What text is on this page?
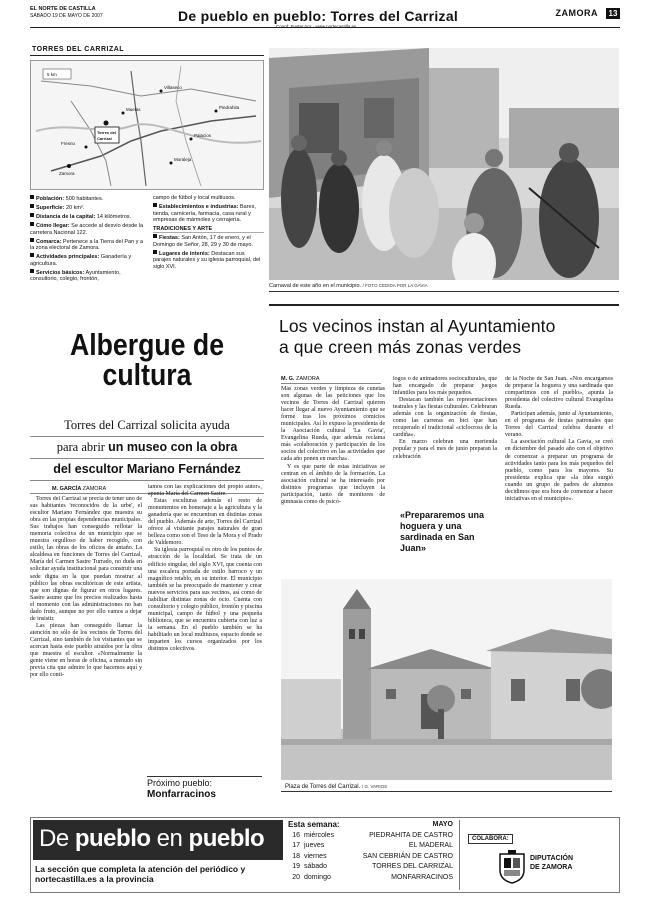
EL NORTE DE CASTILLA
SÁBADO 19 DE MAYO DE 2007	De pueblo en pueblo: Torres del Carrizal
Coord: Fuster.ncs · www.nortecastilla.es
ZAMORA	13
TORRES DEL CARRIZAL
5 km
Torres del
Carrizal
Zamora
Muelas
Villaseco
Palacios
Fresno
Piedrahita
Moraleja
Población: 500 habitantes.
Superficie: 20 km².
Distancia de la capital: 14 kilómetros.
Cómo llegar: Se accede al desvío desde la carretera Nacional 122.
Comarca: Pertenece a la Tierra del Pan y a la zona electoral de Zamora.
Actividades principales: Ganadería y agricultura.
Servicios básicos: Ayuntamiento, consultorio, colegio, frontón,
campo de fútbol y local multiusos.
Establecimientos e industrias: Bares, tienda, carnicería, farmacia, casa rural y empresas de mármoles y cerrajería.
TRADICIONES Y ARTE
Fiestas: San Antón, 17 de enero, y el Domingo de Señor, 28, 29 y 30 de mayo.
Lugares de interés: Destacan sus parajes naturales y su iglesia parroquial, del siglo XVI.
Carnaval de este año en el municipio. / FOTO CEDIDA POR LA GAVIA
Albergue de
cultura
Torres del Carrizal solicita ayuda
para abrir un museo con la obra
del escultor Mariano Fernández
M. GARCÍA ZAMORA

Torres del Carrizal se precia de tener uno de sus habitantes 'reconocidos de la urbe', el escultor Mariano Fernández que muestra su obra en las propias dependencias municipales. Sus trabajos han conseguido reflotar la memoria colectiva de un municipio que se muestra orgulloso de haber recogido, con estilo, las obras de los oficios de antaño. La alcaldesa en funciones de Torres del Carrizal, María del Carmen Sastre Turrado, no duda en solicitar ayuda institucional para construir una sede digna en la que puedan mostrar al público las obras escultóricas de este artista, que son dignas de figurar en otros lugares. Sastre asume que los precios realizados hasta el momento con las administraciones no han dado fruto, aunque no por ello vamos a dejar de insistir.

Las piezas han conseguido llamar la atención no sólo de los vecinos de Torres del Carrizal, sino también de los visitantes que se acercan hasta este pueblo atraídos por la obra que muestra el escultor. «Normalmente la gente viene en horas de oficina, a menudo sin previa cita que admire lo que hacemos aquí y por ello conti-

tamos con las explicaciones del propio autor», apunta María del Carmen Sastre.

Estas esculturas además el resto de monumentos en homenaje a la agricultura y la ganadería que se encuentran en distintas zonas del pueblo. Además de arte, Torres del Carrizal ofrece al visitante parajes naturales de gran belleza como son el Teso de la Mora y el Prado de Valdemoro.

Su iglesia parroquial es otro de los puntos de atracción de la localidad. Se trata de un edificio singular, del siglo XVI, que cuenta con una escalera portada de estilo barroco y un magnífico retablo, en su interior. El municipio también se ha preocupado de mantener y crear nuevos servicios para sus vecinos, así como de habilitar distintas zonas de ocio. Cuenta con consultorio y colegio público, frontón y piscina municipal, campo de fútbol y una pequeña biblioteca, que se encuentra cubierta con luz a la semana. En el pueblo también se ha habilitado un local multiusos, espacio donde se imparten los cursos organizados por los distintos colectivos.

Próximo pueblo:
Monfarracinos
Los vecinos instan al Ayuntamiento
a que creen más zonas verdes
M. G. ZAMORA

Más zonas verdes y limpieza de cunetas son algunas de las peticiones que los vecinos de Torres del Carrizal quieren hacer llegar al nuevo Ayuntamiento que se forme tras los próximos comicios municipales. Así lo expuso la presidenta de la Asociación cultural 'La Gavia', Evangelina Rueda, que además reclama más «colaboración y participación de los socios del colectivo en las actividades que cada año ponen en marcha».

Y es que parte de estas iniciativas se centran en el ámbito de la formación. La asociación cultural se ha interesado por distintos programas que incluyen la participación, tanto de monitores de gimnasia como de psicó-

logos o de animadores socioculturales, que han encargado de preparar juegos infantiles para los más pequeños.

Destacan también las representaciones teatrales y las fiestas culturales. Celebraran además con la organización de fiestas, como las carreras en bici que han recuperado el tradicional «ciclocross de la cardiña».

En marzo celebran una merienda popular y para el mes de junio preparan la celebración

«Prepararemos una hoguera y una sardinada en San Juan»

de la Noche de San Juan. «Nos encargamos de preparar la hoguera y una sardinada que compartimos con el pueblo», apunta la presidenta del colectivo cultural Evangelina Rueda.

Participan además, junto al Ayuntamiento, en el programa de fiestas patronales que Torres del Carrizal celebra durante el verano.

La asociación cultural La Gavia, se creó en diciembre del pasado año con el objetivo de comenzar a preparar un programa de actividades tanto para los más pequeños del pueblo, como para los mayores. Su presidenta explica que «la idea surgió cuando un grupo de padres de alumnos decidimos que era hora de comenzar a hacer iniciativas en el municipio».

Plaza de Torres del Carrizal. / G. VARIOS
De pueblo en pueblo
La sección que completa la atención del periódico y nortecastilla.es a la provincia
Esta semana:	MAYO
16 miércoles	PIEDRAHITA DE CASTRO
17 jueves	EL MADERAL
18 viernes	SAN CEBRIÁN DE CASTRO
19 sábado	TORRES DEL CARRIZAL
20 domingo	MONFARRACINOS
COLABORA:
DIPUTACIÓN
DE ZAMORA
